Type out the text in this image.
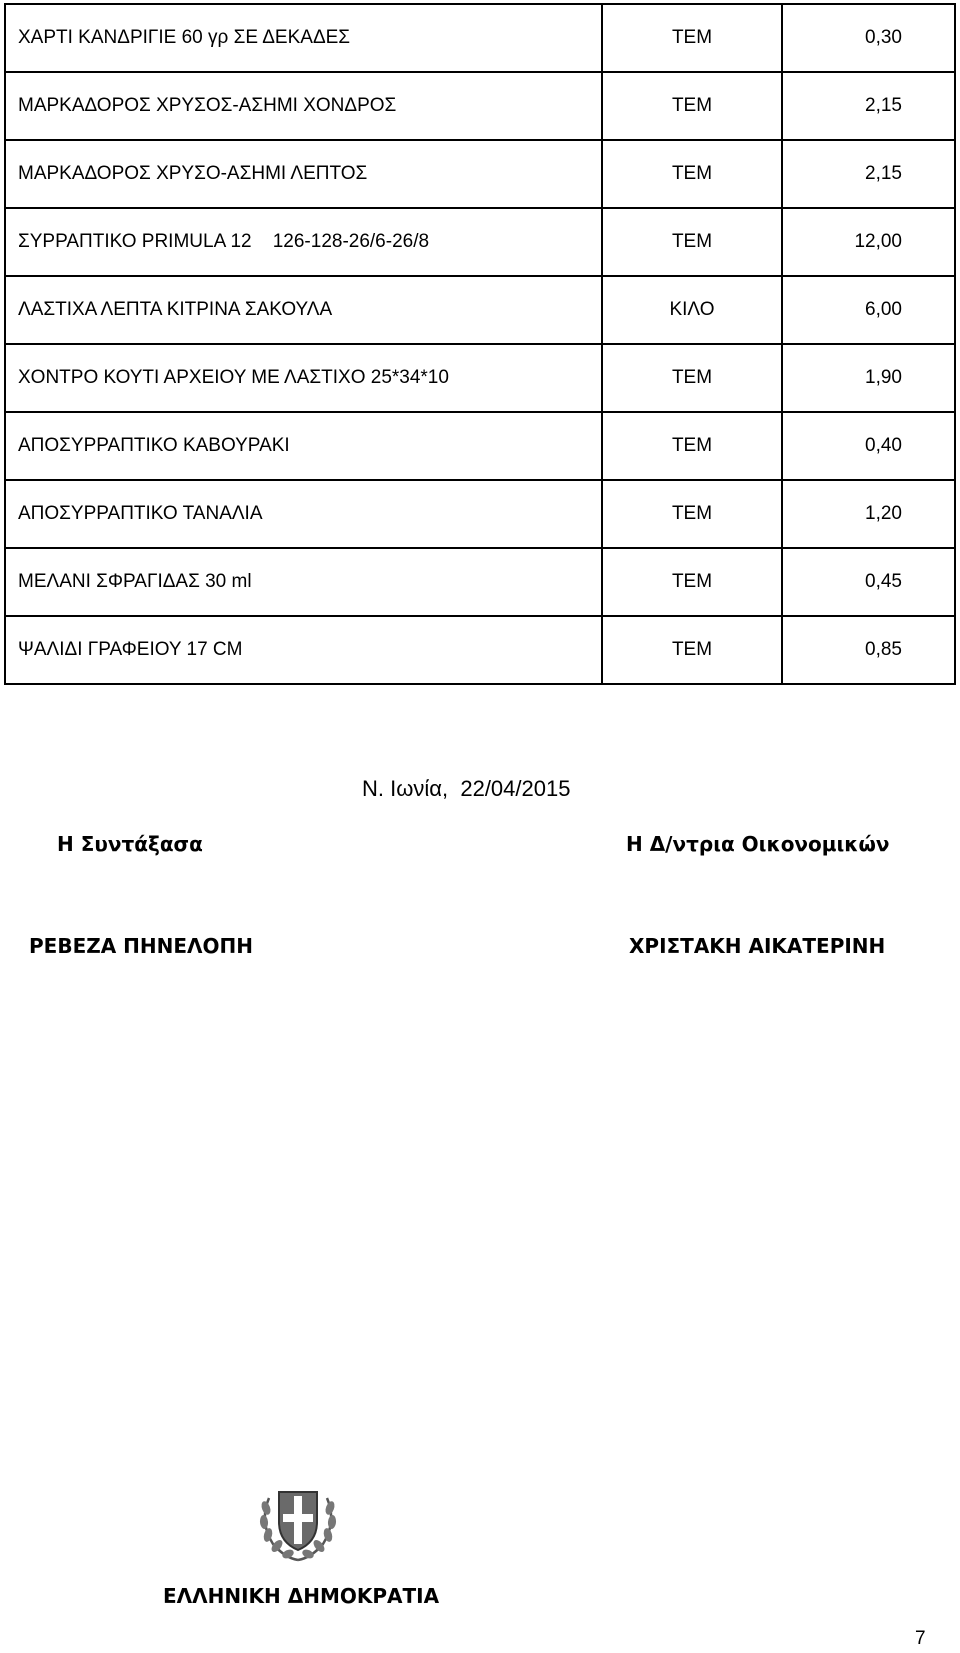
ΧΑΡΤΙ ΚΑΝΔΡΙΓΙΕ 60 γρ ΣΕ ΔΕΚΑΔΕΣ	ΤΕΜ	0,30
ΜΑΡΚΑΔΟΡΟΣ ΧΡΥΣΟΣ-ΑΣΗΜΙ ΧΟΝΔΡΟΣ	ΤΕΜ	2,15
ΜΑΡΚΑΔΟΡΟΣ ΧΡΥΣΟ-ΑΣΗΜΙ ΛΕΠΤΟΣ	ΤΕΜ	2,15
ΣΥΡΡΑΠΤΙΚΟ PRIMULA 12    126-128-26/6-26/8	ΤΕΜ	12,00
ΛΑΣΤΙΧΑ ΛΕΠΤΑ ΚΙΤΡΙΝΑ ΣΑΚΟΥΛΑ	ΚΙΛΟ	6,00
ΧΟΝΤΡΟ ΚΟΥΤΙ ΑΡΧΕΙΟΥ ΜΕ ΛΑΣΤΙΧΟ 25*34*10	ΤΕΜ	1,90
ΑΠΟΣΥΡΡΑΠΤΙΚΟ ΚΑΒΟΥΡΑΚΙ	ΤΕΜ	0,40
ΑΠΟΣΥΡΡΑΠΤΙΚΟ ΤΑΝΑΛΙΑ	ΤΕΜ	1,20
ΜΕΛΑΝΙ ΣΦΡΑΓΙΔΑΣ 30 ml	ΤΕΜ	0,45
ΨΑΛΙΔΙ ΓΡΑΦΕΙΟΥ 17 CM	ΤΕΜ	0,85
Ν. Ιωνία,  22/04/2015
Η Συντάξασα	Η Δ/ντρια Οικονομικών
ΡΕΒΕΖΑ ΠΗΝΕΛΟΠΗ	ΧΡΙΣΤΑΚΗ ΑΙΚΑΤΕΡΙΝΗ
ΕΛΛΗΝΙΚΗ ΔΗΜΟΚΡΑΤΙΑ
7
